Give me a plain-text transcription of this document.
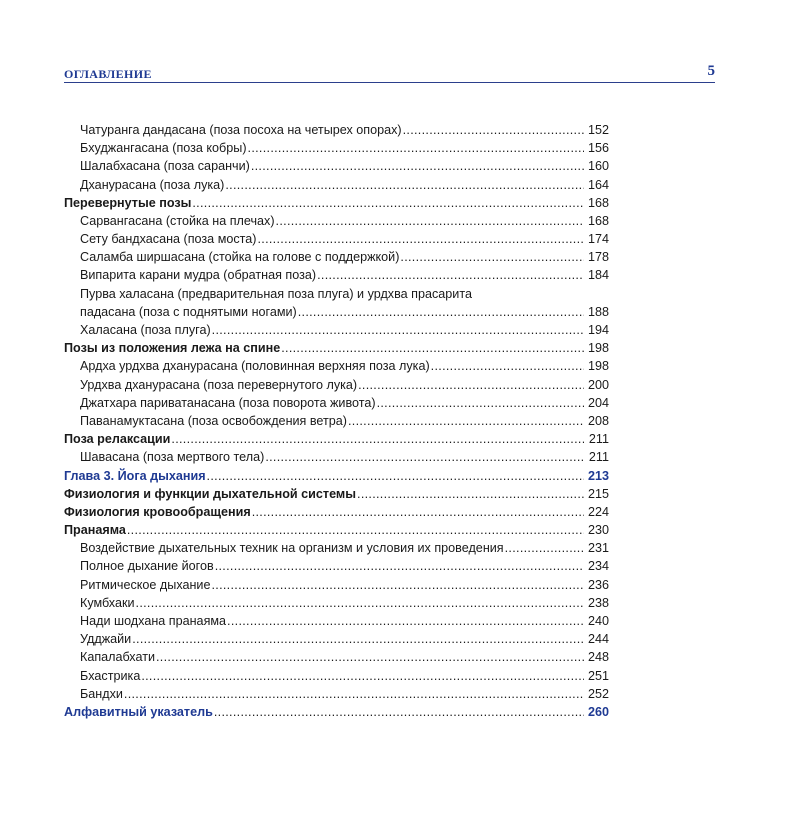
ОГЛАВЛЕНИЕ	5
Чатуранга дандасана (поза посоха на четырех опорах) .....	152
Бхуджангасана (поза кобры) .....	156
Шалабхасана (поза саранчи) .....	160
Дханурасана (поза лука) .....	164
Перевернутые позы .....	168
Сарвангасана (стойка на плечах) .....	168
Сету бандхасана (поза моста) .....	174
Саламба ширшасана (стойка на голове с поддержкой) .....	178
Випарита карани мудра (обратная поза) .....	184
Пурва халасана (предварительная поза плуга) и урдхва прасарита
падасана (поза с поднятыми ногами) .....	188
Халасана (поза плуга) .....	194
Позы из положения лежа на спине .....	198
Ардха урдхва дханурасана (половинная верхняя поза лука) .....	198
Урдхва дханурасана (поза перевернутого лука) .....	200
Джатхара париватанасана (поза поворота живота) .....	204
Паванамуктасана (поза освобождения ветра) .....	208
Поза релаксации .....	211
Шавасана (поза мертвого тела) .....	211
Глава 3. Йога дыхания .....	213
Физиология и функции дыхательной системы .....	215
Физиология кровообращения .....	224
Пранаяма .....	230
Воздействие дыхательных техник на организм и условия их проведения .....	231
Полное дыхание йогов .....	234
Ритмическое дыхание .....	236
Кумбхаки .....	238
Нади шодхана пранаяма .....	240
Удджайи .....	244
Капалабхати .....	248
Бхастрика .....	251
Бандхи .....	252
Алфавитный указатель .....	260
